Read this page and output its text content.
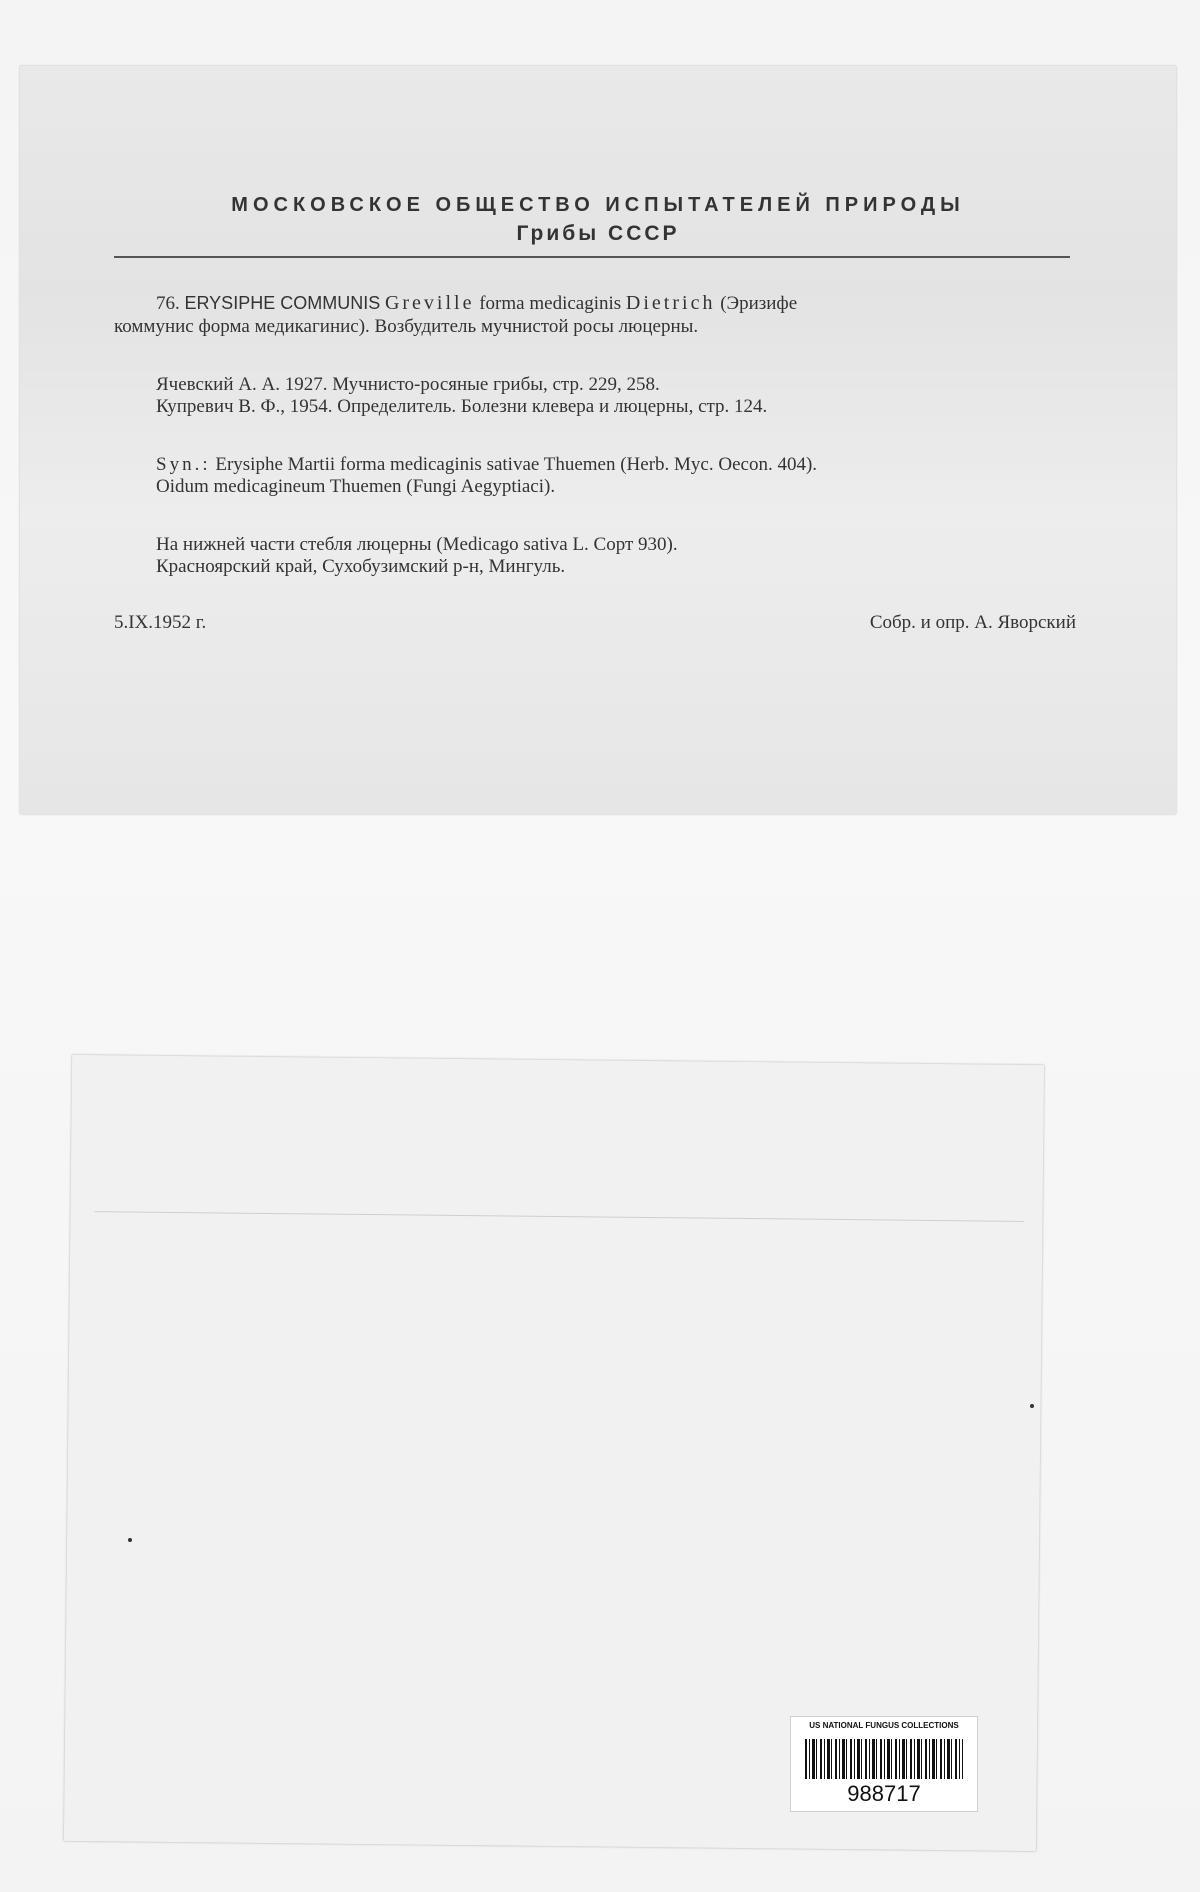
МОСКОВСКОЕ ОБЩЕСТВО ИСПЫТАТЕЛЕЙ ПРИРОДЫ
Грибы СССР
76. ERYSIPHE COMMUNIS Greville forma medicaginis Dietrich (Эризифе
коммунис форма медикагинис). Возбудитель мучнистой росы люцерны.
Ячевский А. А. 1927. Мучнисто-росяные грибы, стр. 229, 258.
Купревич В. Ф., 1954. Определитель. Болезни клевера и люцерны, стр. 124.
Syn.: Erysiphe Martii forma medicaginis sativae Thuemen (Herb. Myc. Oecon. 404).
Oidum medicagineum Thuemen (Fungi Aegyptiaci).
На нижней части стебля люцерны (Medicago sativa L. Сорт 930).
Красноярский край, Сухобузимский р-н, Мингуль.
5.IX.1952 г.	Собр. и опр. А. Яворский
US NATIONAL FUNGUS COLLECTIONS
988717
